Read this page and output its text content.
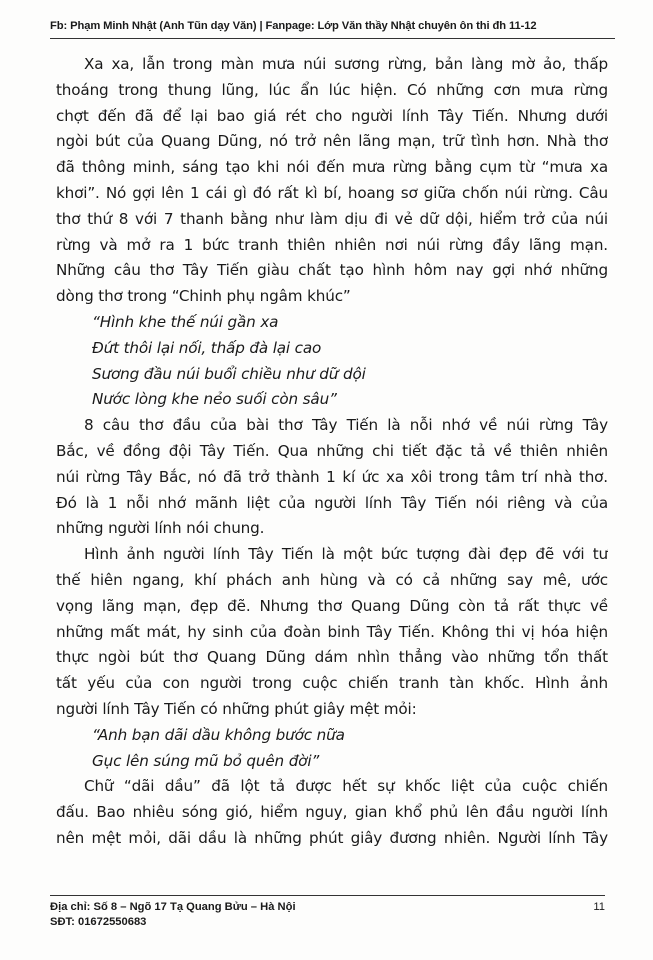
Fb: Phạm Minh Nhật (Anh Tũn dạy Văn) | Fanpage: Lớp Văn thầy Nhật chuyên ôn thi đh 11-12
Xa xa, lẫn trong màn mưa núi sương rừng, bản làng mờ ảo, thấp
thoáng trong thung lũng, lúc ẩn lúc hiện. Có những cơn mưa rừng
chợt đến đã để lại bao giá rét cho người lính Tây Tiến. Nhưng dưới
ngòi bút của Quang Dũng, nó trở nên lãng mạn, trữ tình hơn. Nhà thơ
đã thông minh, sáng tạo khi nói đến mưa rừng bằng cụm từ “mưa xa
khơi”. Nó gợi lên 1 cái gì đó rất kì bí, hoang sơ giữa chốn núi rừng. Câu
thơ thứ 8 với 7 thanh bằng như làm dịu đi vẻ dữ dội, hiểm trở của núi
rừng và mở ra 1 bức tranh thiên nhiên nơi núi rừng đầy lãng mạn.
Những câu thơ Tây Tiến giàu chất tạo hình hôm nay gợi nhớ những
dòng thơ trong “Chinh phụ ngâm khúc”
“Hình khe thế núi gần xa
Đứt thôi lại nối, thấp đà lại cao
Sương đầu núi buổi chiều như dữ dội
Nước lòng khe nẻo suối còn sâu”
8 câu thơ đầu của bài thơ Tây Tiến là nỗi nhớ về núi rừng Tây
Bắc, về đồng đội Tây Tiến. Qua những chi tiết đặc tả về thiên nhiên
núi rừng Tây Bắc, nó đã trở thành 1 kí ức xa xôi trong tâm trí nhà thơ.
Đó là 1 nỗi nhớ mãnh liệt của người lính Tây Tiến nói riêng và của
những người lính nói chung.
Hình ảnh người lính Tây Tiến là một bức tượng đài đẹp đẽ với tư
thế hiên ngang, khí phách anh hùng và có cả những say mê, ước
vọng lãng mạn, đẹp đẽ. Nhưng thơ Quang Dũng còn tả rất thực về
những mất mát, hy sinh của đoàn binh Tây Tiến. Không thi vị hóa hiện
thực ngòi bút thơ Quang Dũng dám nhìn thẳng vào những tổn thất
tất yếu của con người trong cuộc chiến tranh tàn khốc. Hình ảnh
người lính Tây Tiến có những phút giây mệt mỏi:
“Anh bạn dãi dầu không bước nữa
Gục lên súng mũ bỏ quên đời”
Chữ “dãi dầu” đã lột tả được hết sự khốc liệt của cuộc chiến
đấu. Bao nhiêu sóng gió, hiểm nguy, gian khổ phủ lên đầu người lính
nên mệt mỏi, dãi dầu là những phút giây đương nhiên. Người lính Tây
Địa chỉ: Số 8 – Ngõ 17 Tạ Quang Bửu – Hà Nội	11
SĐT: 01672550683
